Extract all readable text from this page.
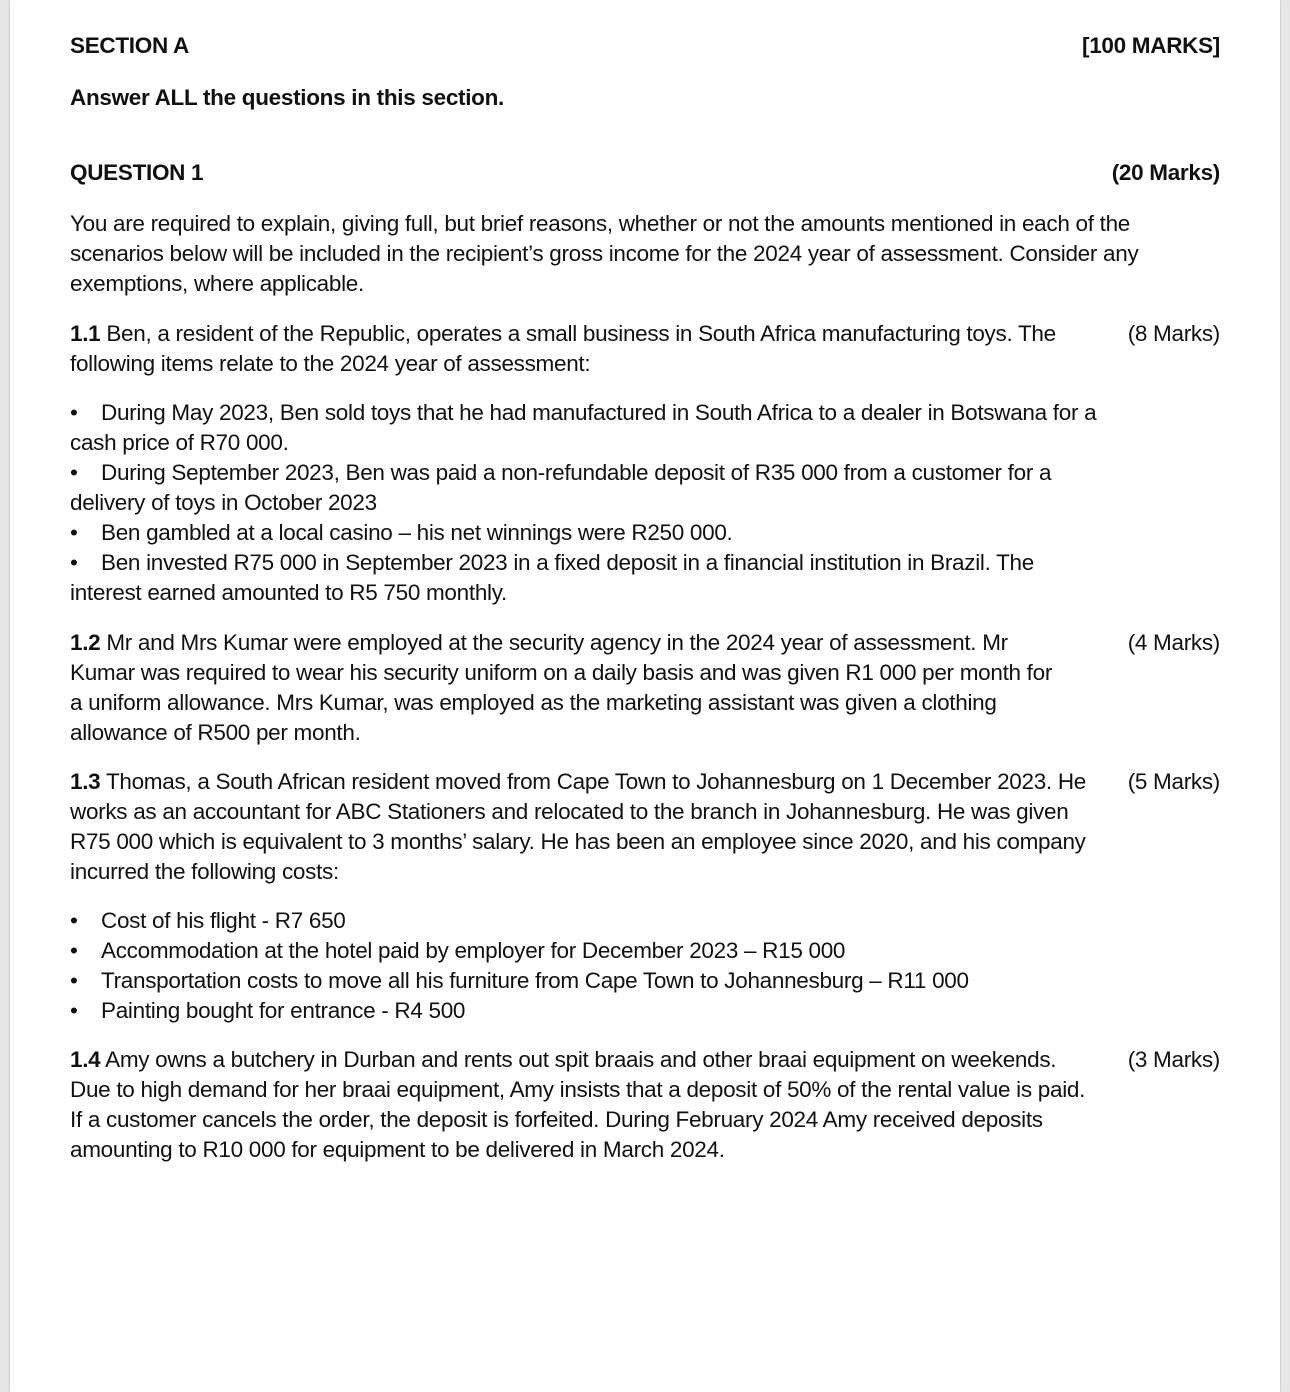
SECTION A	[100 MARKS]
Answer ALL the questions in this section.
QUESTION 1	(20 Marks)

You are required to explain, giving full, but brief reasons, whether or not the amounts mentioned in each of the scenarios below will be included in the recipient’s gross income for the 2024 year of assessment. Consider any exemptions, where applicable.

1.1 Ben, a resident of the Republic, operates a small business in South Africa manufacturing toys. The following items relate to the 2024 year of assessment:

(8 Marks)
• During May 2023, Ben sold toys that he had manufactured in South Africa to a dealer in Botswana for a cash price of R70 000.
• During September 2023, Ben was paid a non-refundable deposit of R35 000 from a customer for a delivery of toys in October 2023
• Ben gambled at a local casino – his net winnings were R250 000.
• Ben invested R75 000 in September 2023 in a fixed deposit in a financial institution in Brazil. The interest earned amounted to R5 750 monthly.

1.2 Mr and Mrs Kumar were employed at the security agency in the 2024 year of assessment. Mr Kumar was required to wear his security uniform on a daily basis and was given R1 000 per month for a uniform allowance. Mrs Kumar, was employed as the marketing assistant was given a clothing allowance of R500 per month.

(4 Marks)

1.3 Thomas, a South African resident moved from Cape Town to Johannesburg on 1 December 2023. He works as an accountant for ABC Stationers and relocated to the branch in Johannesburg. He was given R75 000 which is equivalent to 3 months’ salary. He has been an employee since 2020, and his company incurred the following costs:

(5 Marks)
• Cost of his flight - R7 650
• Accommodation at the hotel paid by employer for December 2023 – R15 000
• Transportation costs to move all his furniture from Cape Town to Johannesburg – R11 000
• Painting bought for entrance - R4 500

1.4 Amy owns a butchery in Durban and rents out spit braais and other braai equipment on weekends. Due to high demand for her braai equipment, Amy insists that a deposit of 50% of the rental value is paid. If a customer cancels the order, the deposit is forfeited. During February 2024 Amy received deposits amounting to R10 000 for equipment to be delivered in March 2024.

(3 Marks)
